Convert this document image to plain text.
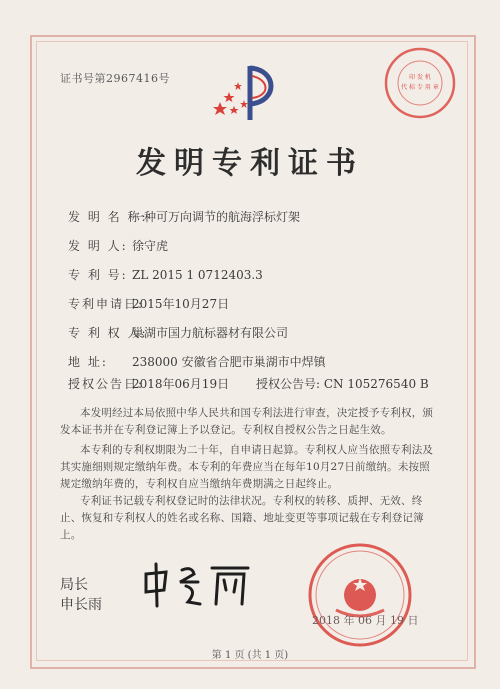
证书号第2967416号	印 发 机
代 标 专 用 章
发明专利证书
发 明 名 称:一种可万向调节的航海浮标灯架
发 明 人: 徐守虎
专 利 号: ZL 2015 1 0712403.3
专利申请日:2015年10月27日
专 利 权 人:巢湖市国力航标器材有限公司
地 址: 238000 安徽省合肥市巢湖市中焊镇
授权公告日:2018年06月19日 授权公告号: CN 105276540 B
本发明经过本局依照中华人民共和国专利法进行审查，决定授予专利权，颁发本证书并在专利登记簿上予以登记。专利权自授权公告之日起生效。
本专利的专利权期限为二十年，自申请日起算。专利权人应当依照专利法及其实施细则规定缴纳年费。本专利的年费应当在每年10月27日前缴纳。未按照规定缴纳年费的，专利权自应当缴纳年费期满之日起终止。
专利证书记载专利权登记时的法律状况。专利权的转移、质押、无效、终止、恢复和专利权人的姓名或名称、国籍、地址变更等事项记载在专利登记簿上。
局长
申长雨
2018 年 06 月 19 日
第 1 页 (共 1 页)
